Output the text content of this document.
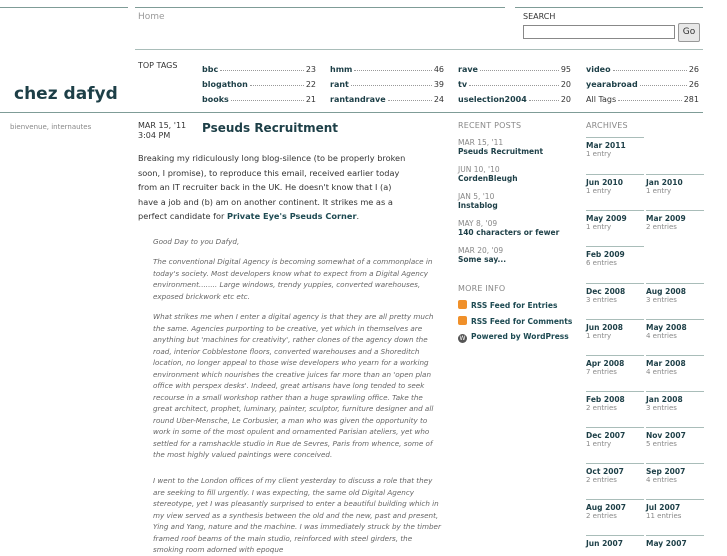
Home	SEARCH
Go
chez dafyd
bienvenue, internautes
TOP TAGS	bbc	23
blogathon	22
books	21
hmm	46
rant	39
rantandrave	24
rave	95
tv	20
uselection2004	20
video	26
yearabroad	26
All Tags	281
MAR 15, '11
3:04 PM
Pseuds Recruitment
Breaking my ridiculously long blog-silence (to be properly broken soon, I promise), to reproduce this email, received earlier today from an IT recruiter back in the UK. He doesn't know that I (a) have a job and (b) am on another continent. It strikes me as a perfect candidate for Private Eye's Pseuds Corner.
Good Day to you Dafyd,
The conventional Digital Agency is becoming somewhat of a commonplace in today's society. Most developers know what to expect from a Digital Agency environment........ Large windows, trendy yuppies, converted warehouses, exposed brickwork etc etc.
What strikes me when I enter a digital agency is that they are all pretty much the same. Agencies purporting to be creative, yet which in themselves are anything but 'machines for creativity', rather clones of the agency down the road, interior Cobblestone floors, converted warehouses and a Shoreditch location, no longer appeal to those wise developers who yearn for a working environment which nourishes the creative juices far more than an 'open plan office with perspex desks'. Indeed, great artisans have long tended to seek recourse in a small workshop rather than a huge sprawling office. Take the great architect, prophet, luminary, painter, sculptor, furniture designer and all round Uber-Mensche, Le Corbusier, a man who was given the opportunity to work in some of the most opulent and ornamented Parisian ateliers, yet who settled for a ramshackle studio in Rue de Sevres, Paris from whence, some of the most highly valued paintings were conceived.
I went to the London offices of my client yesterday to discuss a role that they are seeking to fill urgently. I was expecting, the same old Digital Agency stereotype, yet I was pleasantly surprised to enter a beautiful building which in my view served as a synthesis between the old and the new, past and present, Ying and Yang, nature and the machine. I was immediately struck by the timber framed roof beams of the main studio, reinforced with steel girders, the smoking room adorned with epoque
RECENT POSTS
MAR 15, '11
Pseuds Recruitment
JUN 10, '10
CordenBleugh
JAN 5, '10
Instablog
MAY 8, '09
140 characters or fewer
MAR 20, '09
Some say...
MORE INFO
RSS Feed for Entries
RSS Feed for Comments
W Powered by WordPress
ARCHIVES
Mar 2011
1 entry
Jun 2010
1 entry
Jan 2010
1 entry
May 2009
1 entry
Mar 2009
2 entries
Feb 2009
6 entries
Dec 2008
3 entries
Aug 2008
3 entries
Jun 2008
1 entry
May 2008
4 entries
Apr 2008
7 entries
Mar 2008
4 entries
Feb 2008
2 entries
Jan 2008
3 entries
Dec 2007
1 entry
Nov 2007
5 entries
Oct 2007
2 entries
Sep 2007
4 entries
Aug 2007
2 entries
Jul 2007
11 entries
Jun 2007	May 2007
